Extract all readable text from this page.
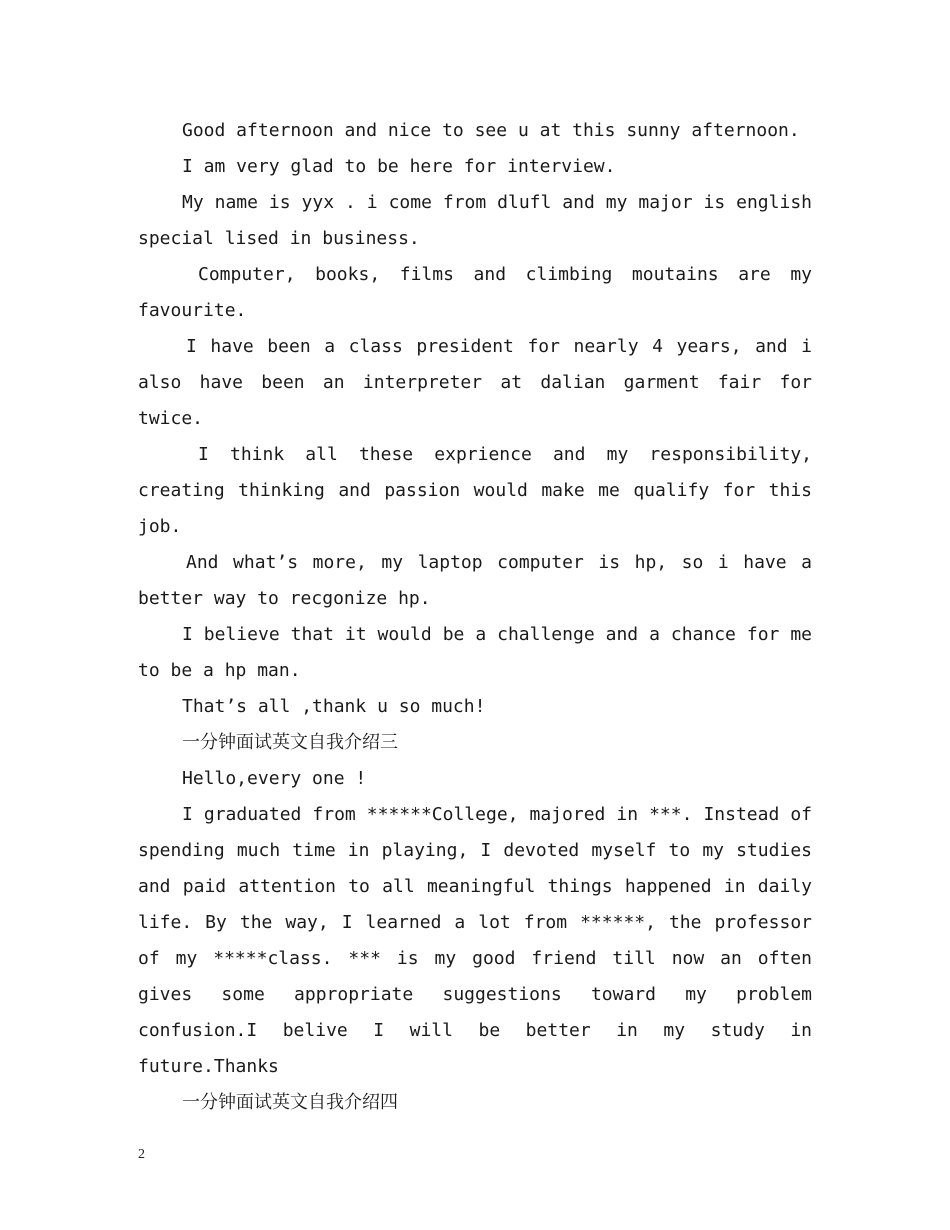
Good afternoon and nice to see u at this sunny afternoon.

I am very glad to be here for interview.

My name is yyx . i come from dlufl and my major is english special lised in business.

Computer, books, films and climbing moutains are my favourite.

I have been a class president for nearly 4 years, and i also have been an interpreter at dalian garment fair for twice.

I think all these exprience and my responsibility, creating thinking and passion would make me qualify for this job.

And what’s more, my laptop computer is hp, so i have a better way to recgonize hp.

I believe that it would be a challenge and a chance for me to be a hp man.

That’s all ,thank u so much!

一分钟面试英文自我介绍三

Hello,every one !

I graduated from ******College, majored in ***. Instead of spending much time in playing, I devoted myself to my studies and paid attention to all meaningful things happened in daily life. By the way, I learned a lot from ******, the professor of my *****class. *** is my good friend till now an often gives some appropriate suggestions toward my problem confusion.I belive I will be better in my study in future.Thanks

一分钟面试英文自我介绍四

2
